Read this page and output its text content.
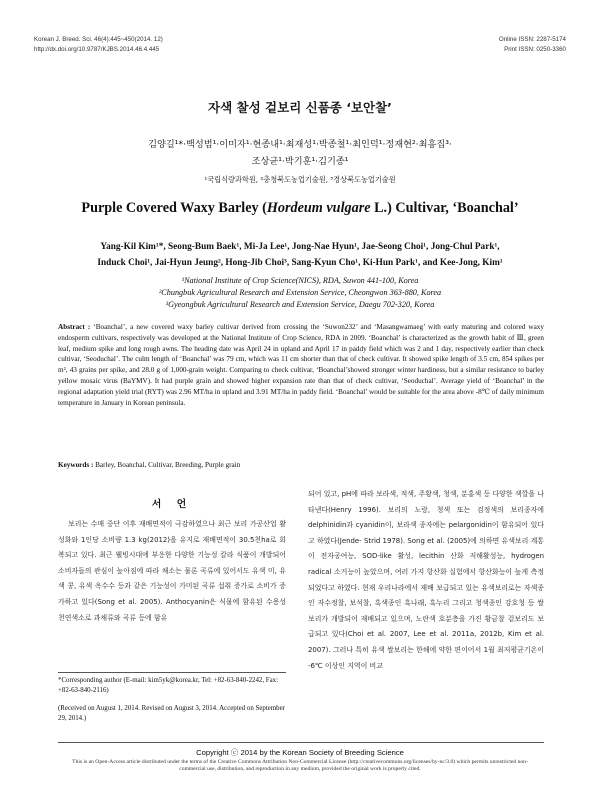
Korean J. Breed. Sci. 46(4):445~450(2014. 12)
http://dx.doi.org/10.9787/KJBS.2014.46.4.445
Online ISSN: 2287-5174
Print ISSN: 0250-3360
자색 찰성 겉보리 신품종 ‘보안찰’
김양길¹*·백성범¹·이미자¹·현종내¹·최재성¹·박종철¹·최인덕¹·정재현²·최흥집³·
조상균¹·박기훈¹·김기종¹
¹국립식량과학원, ²충청북도농업기술원, ³경상북도농업기술원
Purple Covered Waxy Barley (Hordeum vulgare L.) Cultivar, ‘Boanchal’
Yang-Kil Kim¹*, Seong-Bum Baek¹, Mi-Ja Lee¹, Jong-Nae Hyun¹, Jae-Seong Choi¹, Jong-Chul Park¹,
Induck Choi¹, Jai-Hyun Jeung², Hong-Jib Choi³, Sang-Kyun Cho¹, Ki-Hun Park¹, and Kee-Jong, Kim¹
¹National Institute of Crop Science(NICS), RDA, Suwon 441-100, Korea
²Chungbuk Agricultural Research and Extension Service, Cheongwon 363-880, Korea
³Gyeongbuk Agricultural Research and Extension Service, Daegu 702-320, Korea
Abstract : ‘Boanchal’, a new covered waxy barley cultivar derived from crossing the ‘Suwon232’ and ‘Masangwamaeg’ with early maturing and colored waxy endosperm cultivars, respectively was developed at the National Institute of Crop Science, RDA in 2009. ‘Boanchal’ is characterized as the growth habit of Ⅲ, green leaf, medium spike and long rough awns. The heading date was April 24 in upland and April 17 in paddy field which was 2 and 1 day, respectively earlier than check cultivar, ‘Seoduchal’. The culm length of ‘Boanchal’ was 79 cm, which was 11 cm shorter than that of check cultivar. It showed spike length of 3.5 cm, 854 spikes per m², 43 grains per spike, and 28.0 g of 1,000-grain weight. Comparing to check cultivar, ‘Boanchal’showed stronger winter hardiness, but a similar resistance to barley yellow mosaic virus (BaYMV). It had purple grain and showed higher expansion rate than that of check cultivar, ‘Seoduchal’. Average yield of ‘Boanchal’ in the regional adaptation yield trial (RYT) was 2.96 MT/ha in upland and 3.91 MT/ha in paddy field. ‘Boanchal’ would be suitable for the area above -8℃ of daily minimum temperature in January in Korean peninsula.
Keywords : Barley, Boanchal, Cultivar, Breeding, Purple grain
서 언
보리는 수매 중단 이후 재배면적이 극감하였으나 최근 보리 가공산업 활성화와 1인당 소비량 1.3 kg(2012)을 유지로 재배면적이 30.5천ha로 회복되고 있다. 최근 웰빙시대에 부응한 다양한 기능성 칼라 식품이 개발되어 소비자들의 관심이 높아짐에 따라 채소는 물론 곡류에 있어서도 유색 미, 유색 콩, 유색 옥수수 등과 같은 기능성이 가미된 곡류 섭취 증가로 소비가 증가하고 있다(Song et al. 2005). Anthocyanin은 식물에 함유된 수용성 천연색소로 과채류와 곡류 등에 함유
되어 있고, pH에 따라 보라색, 적색, 주황색, 청색, 분홍색 등 다양한 색깔을 나타낸다(Henry 1996). 보리의 노랑, 청색 또는 검정색의 보리종자에 delphinidin과 cyanidin이, 보라색 종자에는 pelargonidin이 함유되어 있다고 하였다(Jende- Strid 1978). Song et al. (2005)에 의하면 유색보리 계통이 전자공여능, SOD-like 활성, lecithin 산화 저해활성능, hydrogen radical 소거능이 높았으며, 여러 가지 항산화 실험에서 항산화능이 높게 측정되었다고 하였다. 현재 우리나라에서 재배 보급되고 있는 유색보리로는 자색종인 자수정찰, 보석찰, 흑색종인 흑나래, 흑누리 그리고 청색종인 강호청 등 쌀보리가 개발되어 재배되고 있으며, 노란색 호분층을 가진 황금찰 겉보리도 보급되고 있다(Choi et al. 2007, Lee et al. 2011a, 2012b, Kim et al. 2007). 그러나 특히 유색 쌀보리는 한해에 약한 편이어서 1월 최저평균기온이 -6℃ 이상인 지역이 비교
*Corresponding author (E-mail: kim5yk@korea.kr, Tel: +82-63-840-2242, Fax: +82-63-840-2116)
(Received on August 1, 2014. Revised on August 3, 2014. Accepted on September 29, 2014.)
Copyright ⓒ 2014 by the Korean Society of Breeding Science
This is an Open-Access article distributed under the terms of the Creative Commons Attribution Non-Commercial License (http://creativecommons.org/licenses/by-nc/3.0) which permits unrestricted non-commercial use, distribution, and reproduction in any medium, provided the original work is properly cited.
